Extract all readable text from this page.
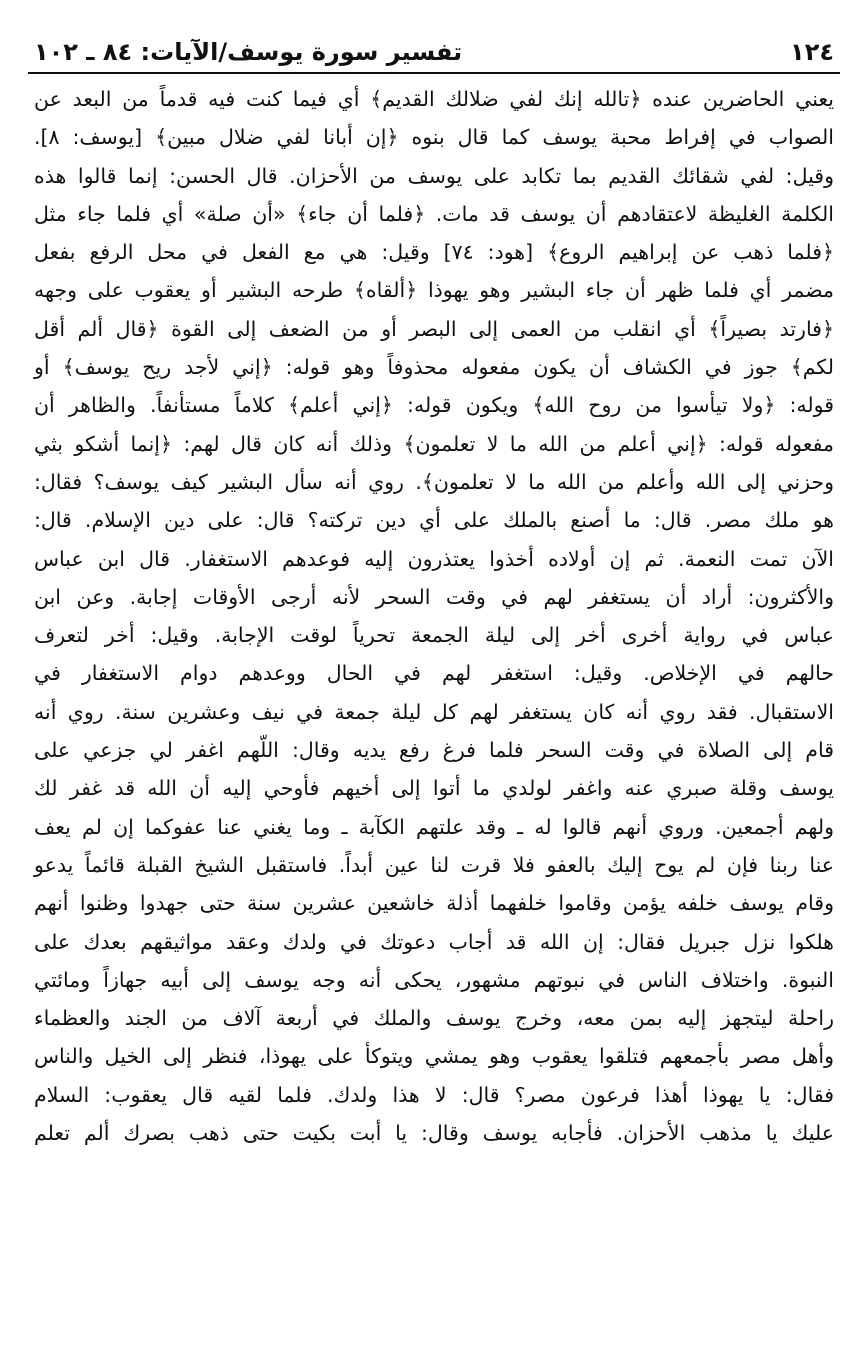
١٢٤
تفسير سورة يوسف/الآيات: ٨٤ ـ ١٠٢
يعني الحاضرين عنده ﴿تالله إنك لفي ضلالك القديم﴾ أي فيما كنت فيه قدماً من البعد عن
الصواب في إفراط محبة يوسف كما قال بنوه ﴿إن أبانا لفي ضلال مبين﴾ [يوسف: ٨].
وقيل: لفي شقائك القديم بما تكابد على يوسف من الأحزان. قال الحسن: إنما قالوا هذه
الكلمة الغليظة لاعتقادهم أن يوسف قد مات. ﴿فلما أن جاء﴾ «أن صلة» أي فلما جاء مثل
﴿فلما ذهب عن إبراهيم الروع﴾ [هود: ٧٤] وقيل: هي مع الفعل في محل الرفع بفعل
مضمر أي فلما ظهر أن جاء البشير وهو يهوذا ﴿ألقاه﴾ طرحه البشير أو يعقوب على وجهه
﴿فارتد بصيراً﴾ أي انقلب من العمى إلى البصر أو من الضعف إلى القوة ﴿قال ألم أقل
لكم﴾ جوز في الكشاف أن يكون مفعوله محذوفاً وهو قوله: ﴿إني لأجد ريح يوسف﴾ أو
قوله: ﴿ولا تيأسوا من روح الله﴾ ويكون قوله: ﴿إني أعلم﴾ كلاماً مستأنفاً. والظاهر أن
مفعوله قوله: ﴿إني أعلم من الله ما لا تعلمون﴾ وذلك أنه كان قال لهم: ﴿إنما أشكو بثي
وحزني إلى الله وأعلم من الله ما لا تعلمون﴾. روي أنه سأل البشير كيف يوسف؟ فقال:
هو ملك مصر. قال: ما أصنع بالملك على أي دين تركته؟ قال: على دين الإسلام. قال:
الآن تمت النعمة. ثم إن أولاده أخذوا يعتذرون إليه فوعدهم الاستغفار. قال ابن عباس
والأكثرون: أراد أن يستغفر لهم في وقت السحر لأنه أرجى الأوقات إجابة. وعن ابن
عباس في رواية أخرى أخر إلى ليلة الجمعة تحرياً لوقت الإجابة. وقيل: أخر لتعرف
حالهم في الإخلاص. وقيل: استغفر لهم في الحال ووعدهم دوام الاستغفار في
الاستقبال. فقد روي أنه كان يستغفر لهم كل ليلة جمعة في نيف وعشرين سنة. روي أنه
قام إلى الصلاة في وقت السحر فلما فرغ رفع يديه وقال: اللّهم اغفر لي جزعي على
يوسف وقلة صبري عنه واغفر لولدي ما أتوا إلى أخيهم فأوحي إليه أن الله قد غفر لك
ولهم أجمعين. وروي أنهم قالوا له ـ وقد علتهم الكآبة ـ وما يغني عنا عفوكما إن لم يعف
عنا ربنا فإن لم يوح إليك بالعفو فلا قرت لنا عين أبداً. فاستقبل الشيخ القبلة قائماً يدعو
وقام يوسف خلفه يؤمن وقاموا خلفهما أذلة خاشعين عشرين سنة حتى جهدوا وظنوا أنهم
هلكوا نزل جبريل فقال: إن الله قد أجاب دعوتك في ولدك وعقد مواثيقهم بعدك على
النبوة. واختلاف الناس في نبوتهم مشهور، يحكى أنه وجه يوسف إلى أبيه جهازاً ومائتي
راحلة ليتجهز إليه بمن معه، وخرج يوسف والملك في أربعة آلاف من الجند والعظماء
وأهل مصر بأجمعهم فتلقوا يعقوب وهو يمشي ويتوكأ على يهوذا، فنظر إلى الخيل والناس
فقال: يا يهوذا أهذا فرعون مصر؟ قال: لا هذا ولدك. فلما لقيه قال يعقوب: السلام
عليك يا مذهب الأحزان. فأجابه يوسف وقال: يا أبت بكيت حتى ذهب بصرك ألم تعلم
